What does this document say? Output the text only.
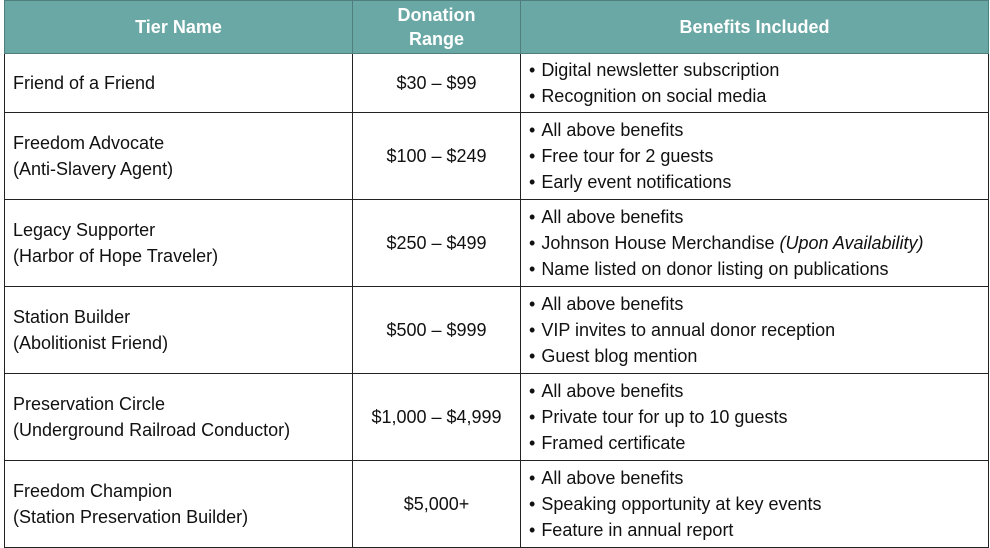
Tier Name	Donation Range	Benefits Included

Friend of a Friend	$30 – $99	• Digital newsletter subscription
• Recognition on social media

Freedom Advocate
(Anti-Slavery Agent)	$100 – $249	• All above benefits
• Free tour for 2 guests
• Early event notifications

Legacy Supporter
(Harbor of Hope Traveler)	$250 – $499	• All above benefits
• Johnson House Merchandise (Upon Availability)
• Name listed on donor listing on publications

Station Builder
(Abolitionist Friend)	$500 – $999	• All above benefits
• VIP invites to annual donor reception
• Guest blog mention

Preservation Circle
(Underground Railroad Conductor)	$1,000 – $4,999	• All above benefits
• Private tour for up to 10 guests
• Framed certificate

Freedom Champion
(Station Preservation Builder)	$5,000+	• All above benefits
• Speaking opportunity at key events
• Feature in annual report
